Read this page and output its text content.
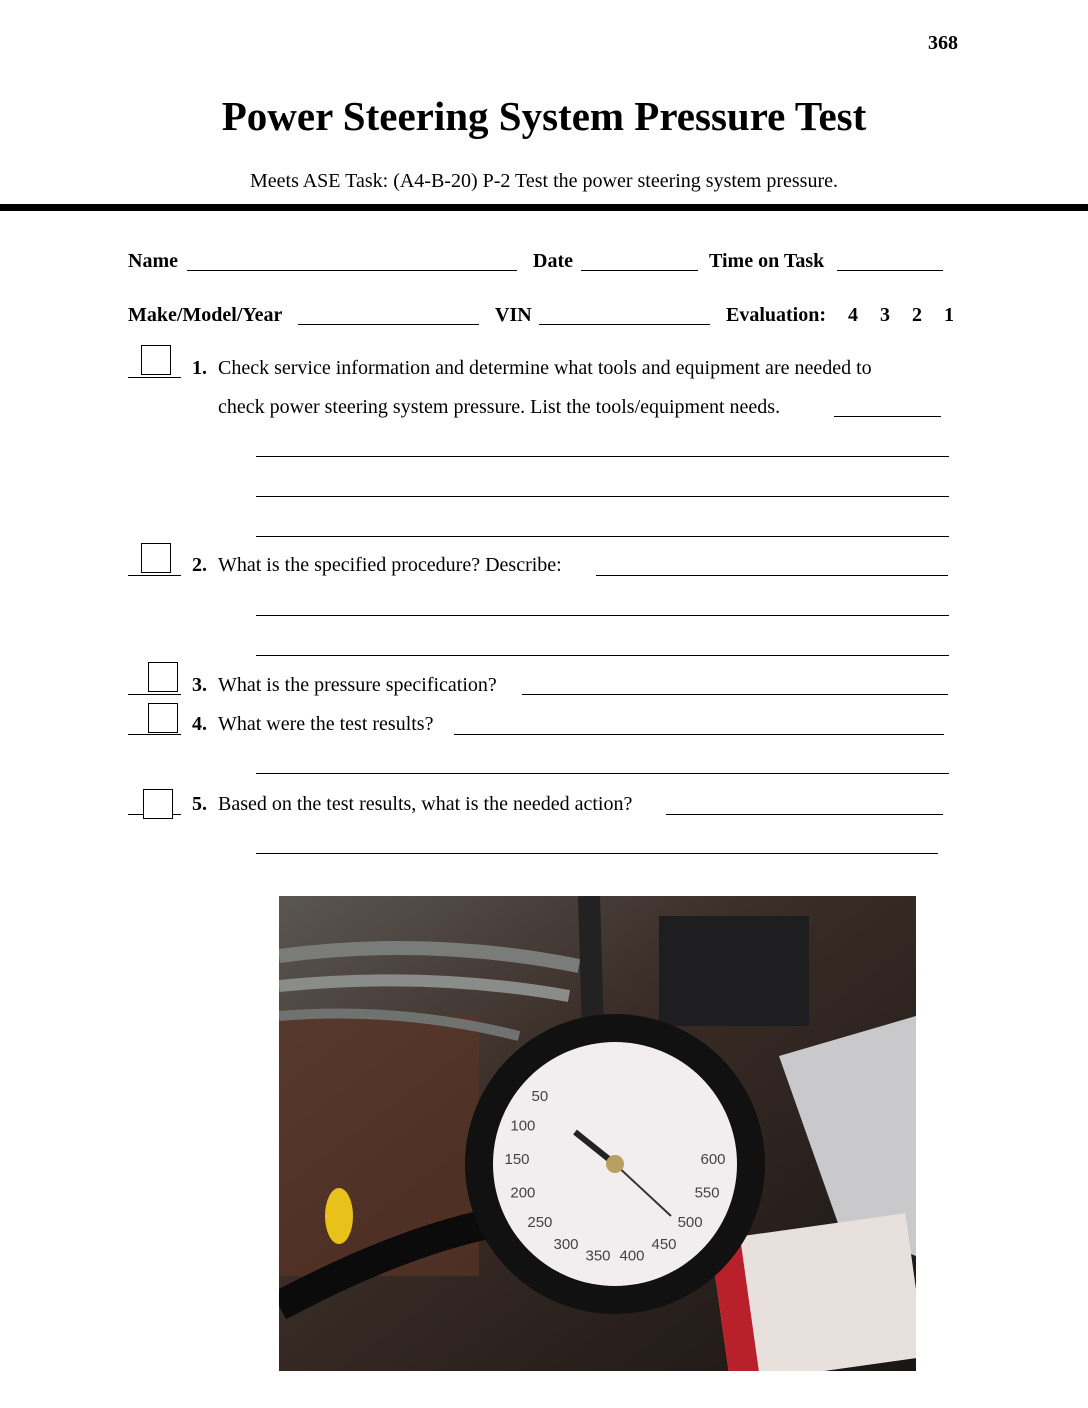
368
Power Steering System Pressure Test
Meets ASE Task: (A4-B-20) P-2 Test the power steering system pressure.
Name	Date	Time on Task
Make/Model/Year	VIN	Evaluation: 4 3 2 1
1. Check service information and determine what tools and equipment are needed to
check power steering system pressure. List the tools/equipment needs.
2. What is the specified procedure? Describe:
3. What is the pressure specification?
4. What were the test results?
5. Based on the test results, what is the needed action?
50
100
150
200
250
300
350 400
450
500
550
600
